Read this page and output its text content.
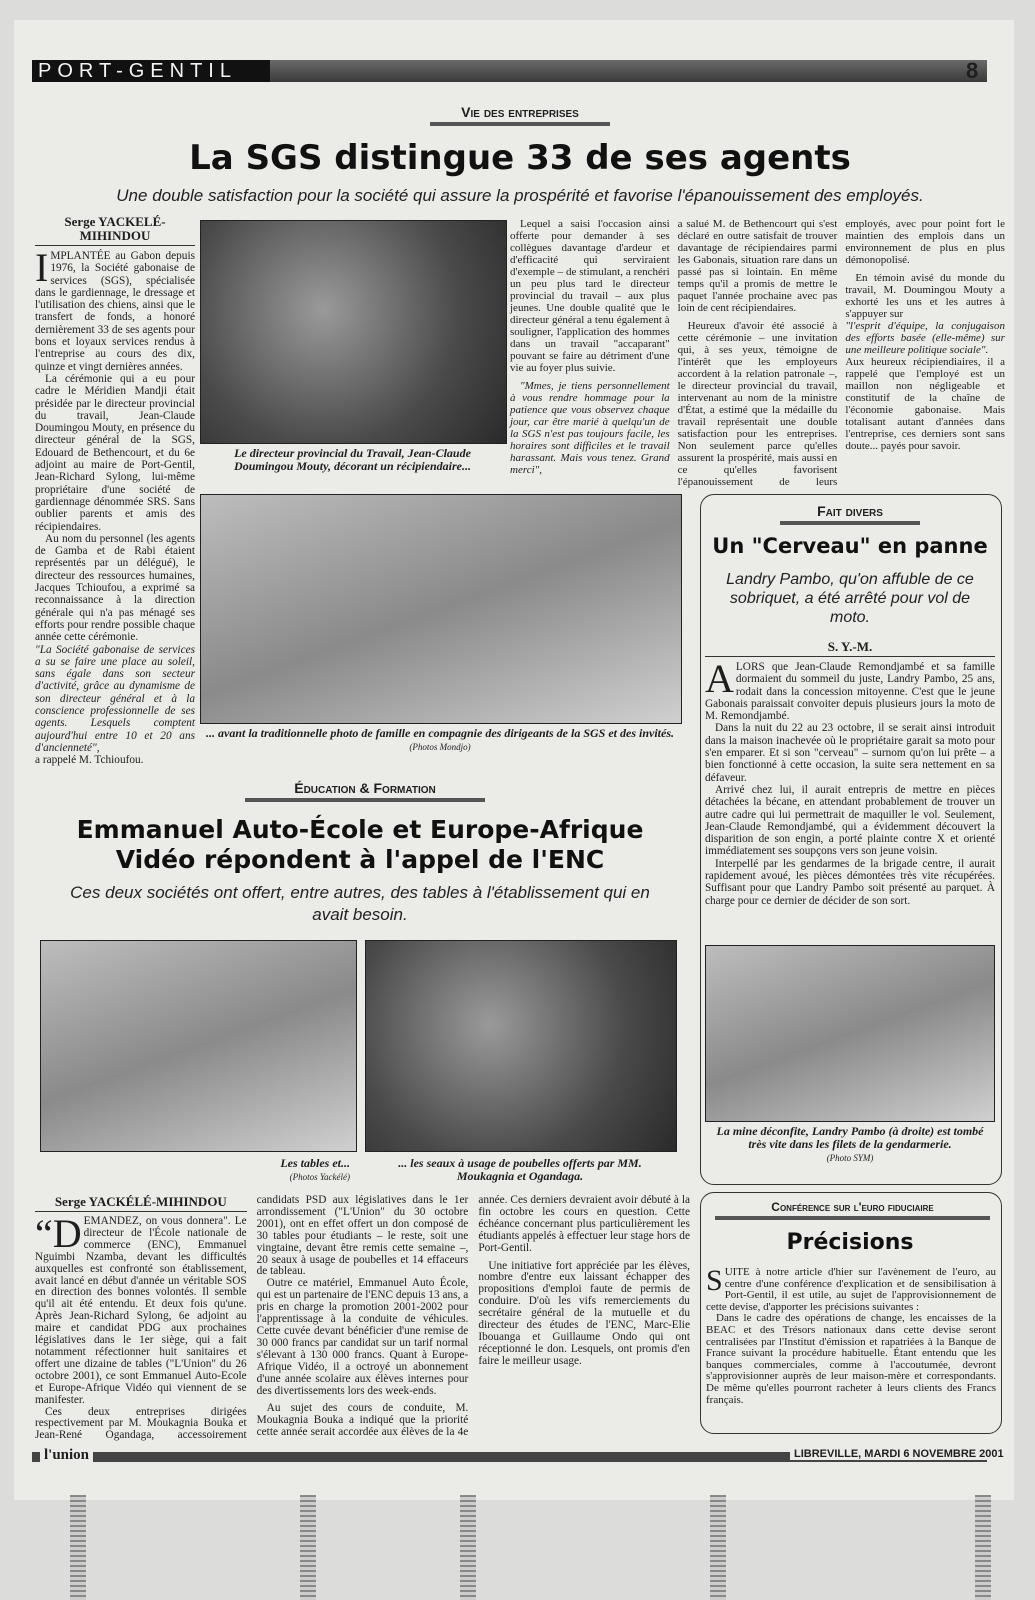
PORT-GENTIL	8
Vie des entreprises
La SGS distingue 33 de ses agents
Une double satisfaction pour la société qui assure la prospérité et favorise l'épanouissement des employés.
Serge YACKELÉ-MIHINDOU

IMPLANTÉE au Gabon depuis 1976, la Société gabonaise de services (SGS), spécialisée dans le gardiennage, le dressage et l'utilisation des chiens, ainsi que le transfert de fonds, a honoré dernièrement 33 de ses agents pour bons et loyaux services rendus à l'entreprise au cours des dix, quinze et vingt dernières années.

La cérémonie qui a eu pour cadre le Méridien Mandji était présidée par le directeur provincial du travail, Jean-Claude Doumingou Mouty, en présence du directeur général de la SGS, Edouard de Bethencourt, et du 6e adjoint au maire de Port-Gentil, Jean-Richard Sylong, lui-même propriétaire d'une société de gardiennage dénommée SRS. Sans oublier parents et amis des récipiendaires.

Au nom du personnel (les agents de Gamba et de Rabi étaient représentés par un délégué), le directeur des ressources humaines, Jacques Tchioufou, a exprimé sa reconnaissance à la direction générale qui n'a pas ménagé ses efforts pour rendre possible chaque année cette cérémonie.

"La Société gabonaise de services a su se faire une place au soleil, sans égale dans son secteur d'activité, grâce au dynamisme de son directeur général et à la conscience professionnelle de ses agents. Lesquels comptent aujourd'hui entre 10 et 20 ans d'ancienneté",

a rappelé M. Tchioufou.

Le directeur provincial du Travail, Jean-Claude Doumingou Mouty, décorant un récipiendaire...

Lequel a saisi l'occasion ainsi offerte pour demander à ses collègues davantage d'ardeur et d'efficacité qui serviraient d'exemple – de stimulant, a renchéri un peu plus tard le directeur provincial du travail – aux plus jeunes. Une double qualité que le directeur général a tenu également à souligner, l'application des hommes dans un travail "accaparant" pouvant se faire au détriment d'une vie au foyer plus suivie.

"Mmes, je tiens personnellement à vous rendre hommage pour la patience que vous observez chaque jour, car être marié à quelqu'un de la SGS n'est pas toujours facile, les horaires sont difficiles et le travail harassant. Mais vous tenez. Grand merci",

a salué M. de Bethencourt qui s'est déclaré en outre satisfait de trouver davantage de récipiendaires parmi les Gabonais, situation rare dans un passé pas si lointain. En même temps qu'il a promis de mettre le paquet l'année prochaine avec pas loin de cent récipiendaires.

Heureux d'avoir été associé à cette cérémonie – une invitation qui, à ses yeux, témoigne de l'intérêt que les employeurs accordent à la relation patronale –, le directeur provincial du travail, intervenant au nom de la ministre d'État, a estimé que la médaille du travail représentait une double satisfaction pour les entreprises. Non seulement parce qu'elles assurent la prospérité, mais aussi en ce qu'elles favorisent l'épanouissement de leurs employés, avec pour point fort le maintien des emplois dans un environnement de plus en plus démonopolisé.

En témoin avisé du monde du travail, M. Doumingou Mouty a exhorté les uns et les autres à s'appuyer sur

"l'esprit d'équipe, la conjugaison des efforts basée (elle-même) sur une meilleure politique sociale".

Aux heureux récipiendiaires, il a rappelé que l'employé est un maillon non négligeable et constitutif de la chaîne de l'économie gabonaise. Mais totalisant autant d'années dans l'entreprise, ces derniers sont sans doute... payés pour savoir.

... avant la traditionnelle photo de famille en compagnie des dirigeants de la SGS et des invités. (Photos Mondjo)
Fait divers
Un "Cerveau" en panne
Landry Pambo, qu'on affuble de ce sobriquet, a été arrêté pour vol de moto.
S. Y.-M.

ALORS que Jean-Claude Remondjambé et sa famille dormaient du sommeil du juste, Landry Pambo, 25 ans, rodait dans la concession mitoyenne. C'est que le jeune Gabonais paraissait convoiter depuis plusieurs jours la moto de M. Remondjambé.

Dans la nuit du 22 au 23 octobre, il se serait ainsi introduit dans la maison inachevée où le propriétaire garait sa moto pour s'en emparer. Et si son "cerveau" – surnom qu'on lui prête – a bien fonctionné à cette occasion, la suite sera nettement en sa défaveur.

Arrivé chez lui, il aurait entrepris de mettre en pièces détachées la bécane, en attendant probablement de trouver un autre cadre qui lui permettrait de maquiller le vol. Seulement, Jean-Claude Remondjambé, qui a évidemment découvert la disparition de son engin, a porté plainte contre X et orienté immédiatement ses soupçons vers son jeune voisin.

Interpellé par les gendarmes de la brigade centre, il aurait rapidement avoué, les pièces démontées très vite récupérées. Suffisant pour que Landry Pambo soit présenté au parquet. À charge pour ce dernier de décider de son sort.

La mine déconfite, Landry Pambo (à droite) est tombé très vite dans les filets de la gendarmerie.
(Photo SYM)
Éducation & Formation
Emmanuel Auto-École et Europe-Afrique Vidéo répondent à l'appel de l'ENC
Ces deux sociétés ont offert, entre autres, des tables à l'établissement qui en avait besoin.
Les tables et...
(Photos Yackélé)
... les seaux à usage de poubelles offerts par MM. Moukagnia et Ogandaga.
Serge YACKÉLÉ-MIHINDOU

“DEMANDEZ, on vous donnera". Le directeur de l'École nationale de commerce (ENC), Emmanuel Nguimbi Nzamba, devant les difficultés auxquelles est confronté son établissement, avait lancé en début d'année un véritable SOS en direction des bonnes volontés. Il semble qu'il ait été entendu. Et deux fois qu'une. Après Jean-Richard Sylong, 6e adjoint au maire et candidat PDG aux prochaines législatives dans le 1er siège, qui a fait notamment réfectionner huit sanitaires et offert une dizaine de tables ("L'Union" du 26 octobre 2001), ce sont Emmanuel Auto-Ecole et Europe-Afrique Vidéo qui viennent de se manifester.

Ces deux entreprises dirigées respectivement par M. Moukagnia Bouka et Jean-René Ogandaga, accessoirement candidats PSD aux législatives dans le 1er arrondissement ("L'Union" du 30 octobre 2001), ont en effet offert un don composé de 30 tables pour étudiants – le reste, soit une vingtaine, devant être remis cette semaine –, 20 seaux à usage de poubelles et 14 effaceurs de tableau.

Outre ce matériel, Emmanuel Auto École, qui est un partenaire de l'ENC depuis 13 ans, a pris en charge la promotion 2001-2002 pour l'apprentissage à la conduite de véhicules. Cette cuvée devant bénéficier d'une remise de 30 000 francs par candidat sur un tarif normal s'élevant à 130 000 francs. Quant à Europe-Afrique Vidéo, il a octroyé un abonnement d'une année scolaire aux élèves internes pour des divertissements lors des week-ends.

Au sujet des cours de conduite, M. Moukagnia Bouka a indiqué que la priorité cette année serait accordée aux élèves de la 4e année. Ces derniers devraient avoir débuté à la fin octobre les cours en question. Cette échéance concernant plus particulièrement les étudiants appelés à effectuer leur stage hors de Port-Gentil.

Une initiative fort appréciée par les élèves, nombre d'entre eux laissant échapper des propositions d'emploi faute de permis de conduire. D'où les vifs remerciements du secrétaire général de la mutuelle et du directeur des études de l'ENC, Marc-Elie Ibouanga et Guillaume Ondo qui ont réceptionné le don. Lesquels, ont promis d'en faire le meilleur usage.

Conférence sur l'euro fiduciaire
Précisions

SUITE à notre article d'hier sur l'avènement de l'euro, au centre d'une conférence d'explication et de sensibilisation à Port-Gentil, il est utile, au sujet de l'approvisionnement de cette devise, d'apporter les précisions suivantes :

Dans le cadre des opérations de change, les encaisses de la BEAC et des Trésors nationaux dans cette devise seront centralisées par l'Institut d'émission et rapatriées à la Banque de France suivant la procédure habituelle. Étant entendu que les banques commerciales, comme à l'accoutumée, devront s'approvisionner auprès de leur maison-mère et correspondants. De même qu'elles pourront racheter à leurs clients des Francs français.

l'union	LIBREVILLE, MARDI 6 NOVEMBRE 2001
